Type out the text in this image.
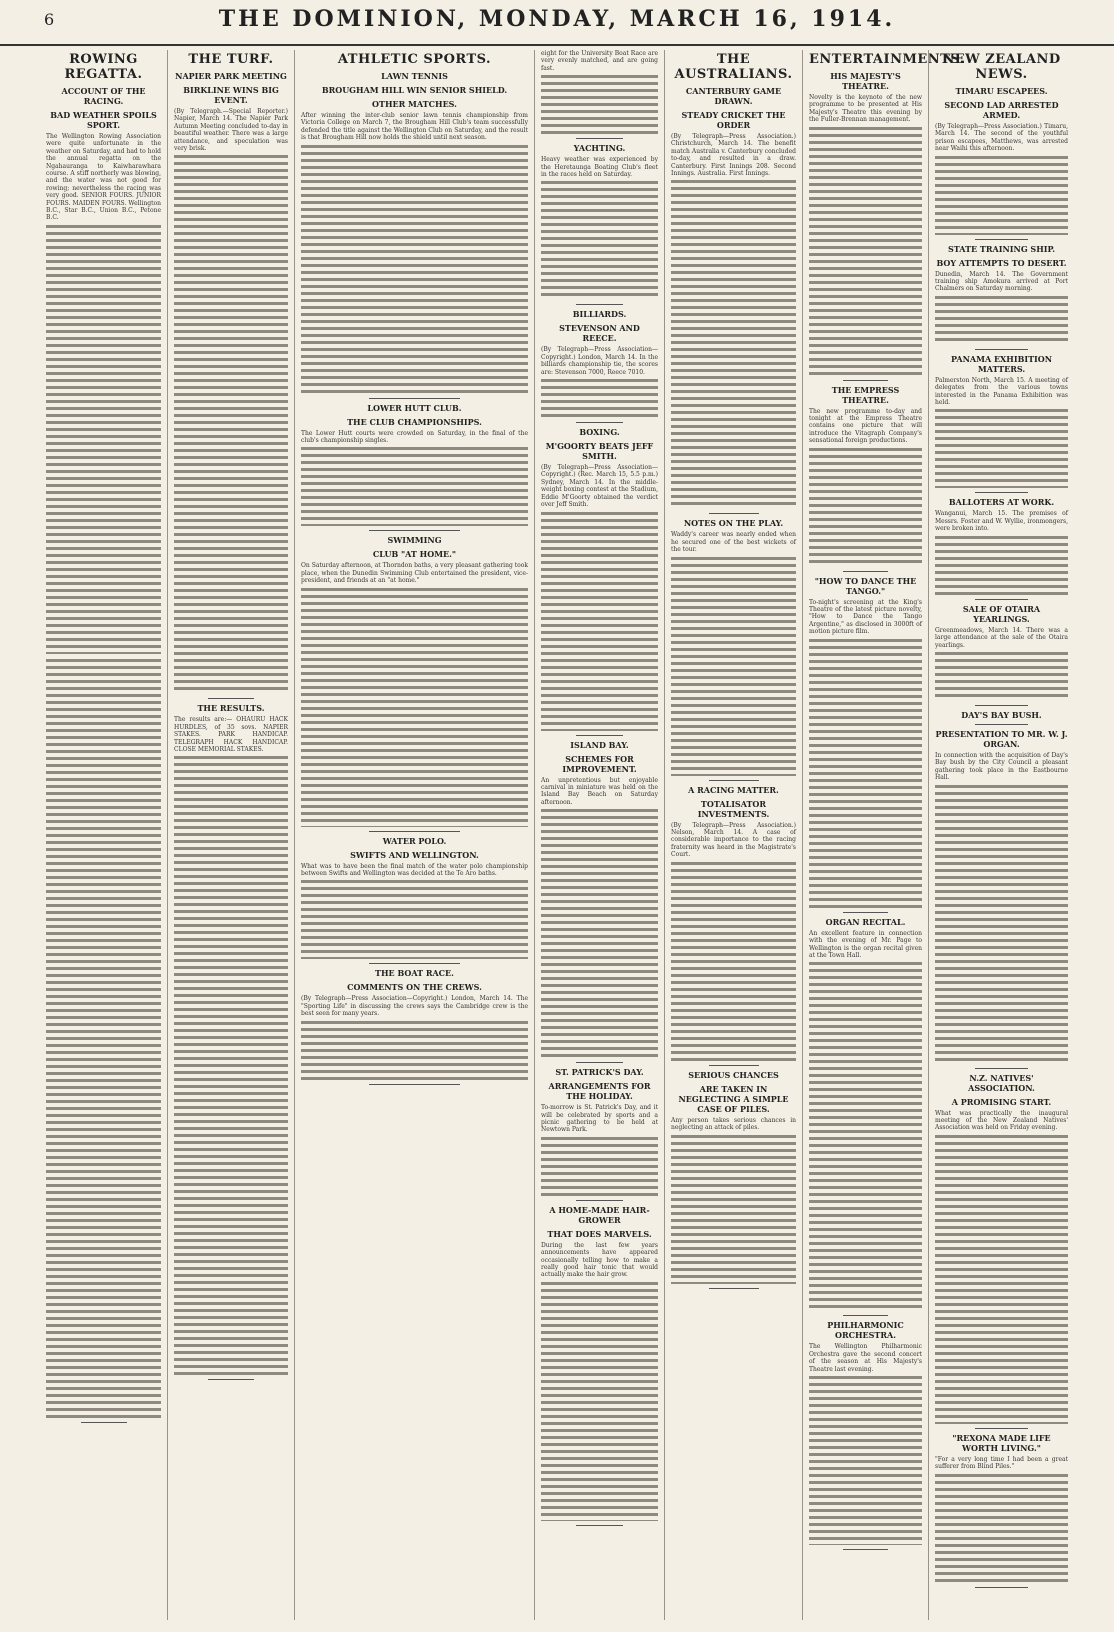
6	THE DOMINION, MONDAY, MARCH 16, 1914.
ROWING REGATTA.
ACCOUNT OF THE RACING.
BAD WEATHER SPOILS SPORT.

The Wellington Rowing Association were quite unfortunate in the weather on Saturday, and had to hold the annual regatta on the Ngahauranga to Kaiwharawhara course. A stiff northerly was blowing, and the water was not good for rowing; nevertheless the racing was very good. SENIOR FOURS. JUNIOR FOURS. MAIDEN FOURS. Wellington B.C., Star B.C., Union B.C., Petone B.C.

THE TURF.
NAPIER PARK MEETING
BIRKLINE WINS BIG EVENT.

(By Telegraph.—Special Reporter.) Napier, March 14. The Napier Park Autumn Meeting concluded to-day in beautiful weather. There was a large attendance, and speculation was very brisk.

THE RESULTS.

The results are:— OHAURU HACK HURDLES, of 35 sovs. NAPIER STAKES. PARK HANDICAP. TELEGRAPH HACK HANDICAP. CLOSE MEMORIAL STAKES.

ATHLETIC SPORTS.
LAWN TENNIS
BROUGHAM HILL WIN SENIOR SHIELD.
OTHER MATCHES.

After winning the inter-club senior lawn tennis championship from Victoria College on March 7, the Brougham Hill Club's team successfully defended the title against the Wellington Club on Saturday, and the result is that Brougham Hill now holds the shield until next season.

LOWER HUTT CLUB.
THE CLUB CHAMPIONSHIPS.

The Lower Hutt courts were crowded on Saturday, in the final of the club's championship singles.

SWIMMING
CLUB "AT HOME."

On Saturday afternoon, at Thorndon baths, a very pleasant gathering took place, when the Dunedin Swimming Club entertained the president, vice-president, and friends at an "at home."

WATER POLO.
SWIFTS AND WELLINGTON.

What was to have been the final match of the water polo championship between Swifts and Wellington was decided at the Te Aro baths.

THE BOAT RACE.
COMMENTS ON THE CREWS.

(By Telegraph—Press Association—Copyright.) London, March 14. The "Sporting Life" in discussing the crews says the Cambridge crew is the best seen for many years.

eight for the University Boat Race are very evenly matched, and are going fast.

YACHTING.

Heavy weather was experienced by the Heretaunga Boating Club's fleet in the races held on Saturday.

BILLIARDS.
STEVENSON AND REECE.

(By Telegraph—Press Association—Copyright.) London, March 14. In the billiards championship tie, the scores are: Stevenson 7000, Reece 7010.

BOXING.
M'GOORTY BEATS JEFF SMITH.

(By Telegraph—Press Association—Copyright.) (Rec. March 15, 5.5 p.m.) Sydney, March 14. In the middle-weight boxing contest at the Stadium, Eddie M'Goorty obtained the verdict over Jeff Smith.

ISLAND BAY.
SCHEMES FOR IMPROVEMENT.

An unpretentious but enjoyable carnival in miniature was held on the Island Bay Beach on Saturday afternoon.

ST. PATRICK'S DAY.
ARRANGEMENTS FOR THE HOLIDAY.

To-morrow is St. Patrick's Day, and it will be celebrated by sports and a picnic gathering to be held at Newtown Park.

A HOME-MADE HAIR-GROWER
THAT DOES MARVELS.

During the last few years announcements have appeared occasionally telling how to make a really good hair tonic that would actually make the hair grow.

THE AUSTRALIANS.
CANTERBURY GAME DRAWN.
STEADY CRICKET THE ORDER

(By Telegraph—Press Association.) Christchurch, March 14. The benefit match Australia v. Canterbury concluded to-day, and resulted in a draw. Canterbury. First Innings 208. Second Innings. Australia. First Innings.

NOTES ON THE PLAY.

Waddy's career was nearly ended when he secured one of the best wickets of the tour.

A RACING MATTER.
TOTALISATOR INVESTMENTS.

(By Telegraph—Press Association.) Nelson, March 14. A case of considerable importance to the racing fraternity was heard in the Magistrate's Court.

SERIOUS CHANCES
ARE TAKEN IN NEGLECTING A SIMPLE CASE OF PILES.

Any person takes serious chances in neglecting an attack of piles.

ENTERTAINMENTS.
HIS MAJESTY'S THEATRE.

Novelty is the keynote of the new programme to be presented at His Majesty's Theatre this evening by the Fuller-Brennan management.

THE EMPRESS THEATRE.

The new programme to-day and tonight at the Empress Theatre contains one picture that will introduce the Vitagraph Company's sensational foreign productions.

"HOW TO DANCE THE TANGO."

To-night's screening at the King's Theatre of the latest picture novelty, "How to Dance the Tango Argentine," as disclosed in 3000ft of motion picture film.

ORGAN RECITAL.

An excellent feature in connection with the evening of Mr. Page to Wellington is the organ recital given at the Town Hall.

PHILHARMONIC ORCHESTRA.

The Wellington Philharmonic Orchestra gave the second concert of the season at His Majesty's Theatre last evening.

NEW ZEALAND NEWS.
TIMARU ESCAPEES.
SECOND LAD ARRESTED ARMED.

(By Telegraph—Press Association.) Timaru, March 14. The second of the youthful prison escapees, Matthews, was arrested near Waihi this afternoon.

STATE TRAINING SHIP.
BOY ATTEMPTS TO DESERT.

Dunedin, March 14. The Government training ship Amokura arrived at Port Chalmers on Saturday morning.

PANAMA EXHIBITION MATTERS.

Palmerston North, March 15. A meeting of delegates from the various towns interested in the Panama Exhibition was held.

BALLOTERS AT WORK.

Wanganui, March 15. The premises of Messrs. Foster and W. Wyllie, ironmongers, were broken into.

SALE OF OTAIRA YEARLINGS.

Greenmeadows, March 14. There was a large attendance at the sale of the Otaira yearlings.

DAY'S BAY BUSH.
PRESENTATION TO MR. W. J. ORGAN.

In connection with the acquisition of Day's Bay bush by the City Council a pleasant gathering took place in the Eastbourne Hall.

N.Z. NATIVES' ASSOCIATION.
A PROMISING START.

What was practically the inaugural meeting of the New Zealand Natives' Association was held on Friday evening.

"REXONA MADE LIFE WORTH LIVING."

"For a very long time I had been a great sufferer from Blind Piles."
